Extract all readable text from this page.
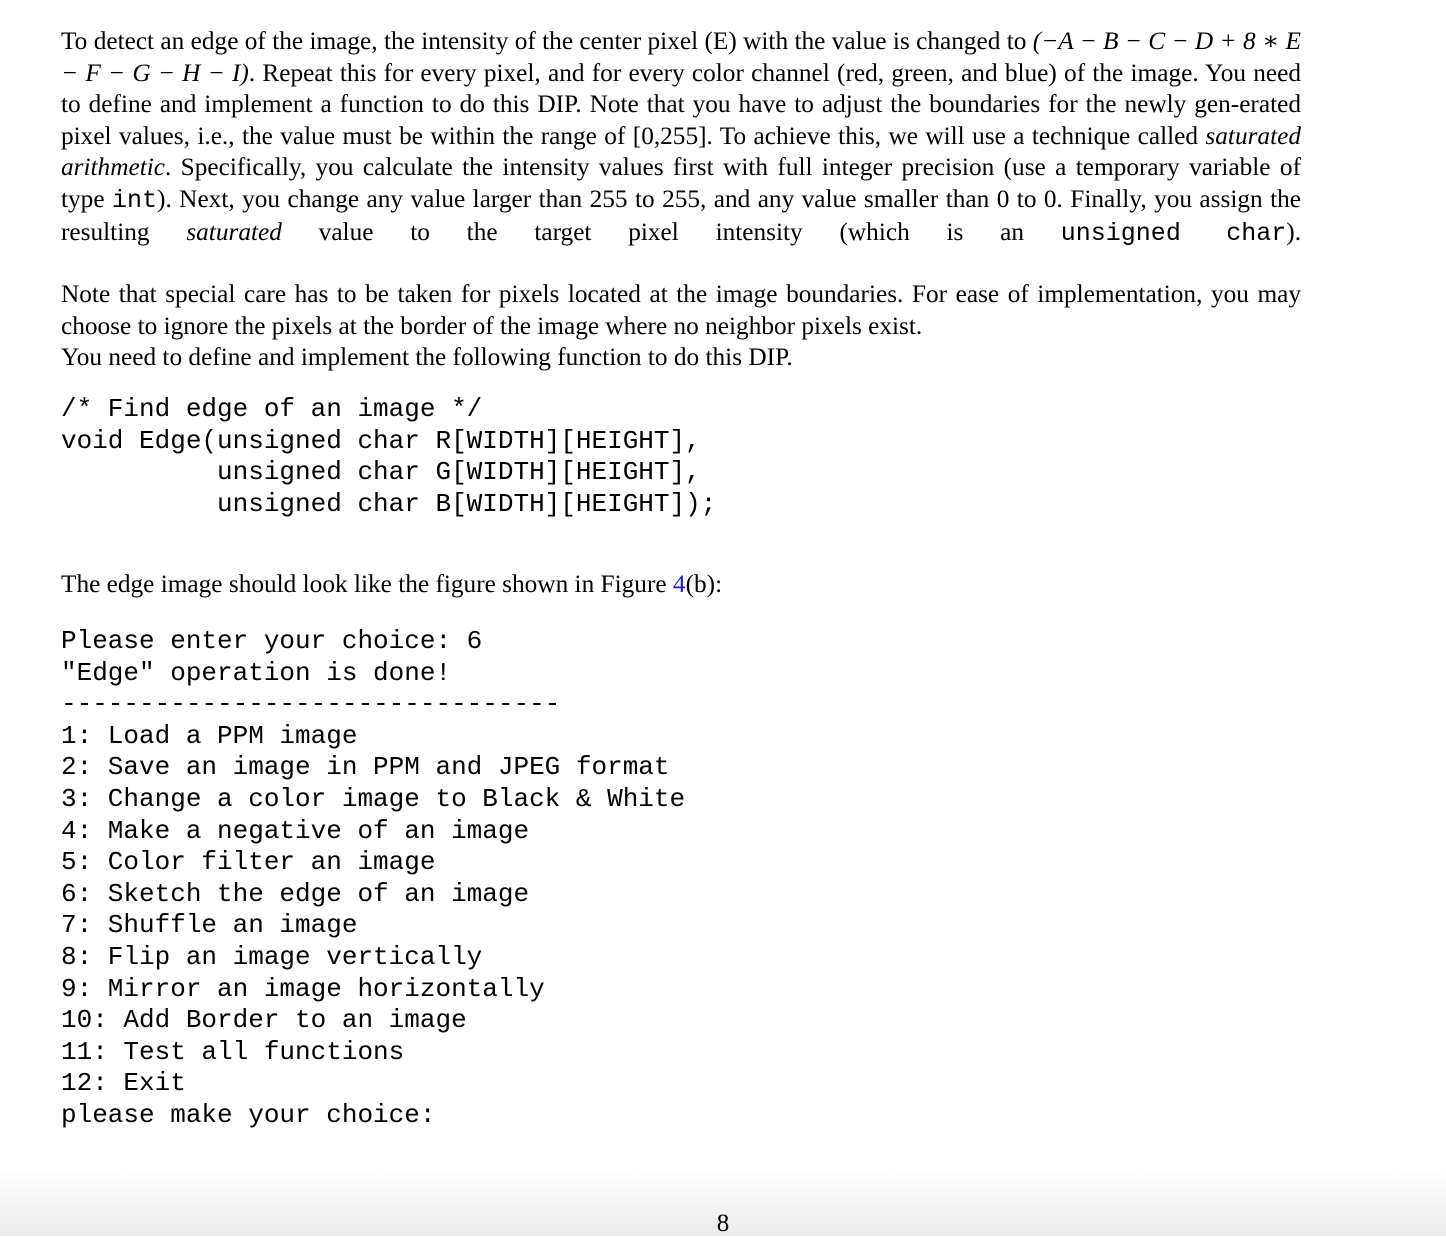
To detect an edge of the image, the intensity of the center pixel (E) with the value is changed to (−A − B − C − D + 8 ∗ E − F − G − H − I). Repeat this for every pixel, and for every color channel (red, green, and blue) of the image. You need to define and implement a function to do this DIP. Note that you have to adjust the boundaries for the newly gen-erated pixel values, i.e., the value must be within the range of [0,255]. To achieve this, we will use a technique called saturated arithmetic. Specifically, you calculate the intensity values first with full integer precision (use a temporary variable of type int). Next, you change any value larger than 255 to 255, and any value smaller than 0 to 0. Finally, you assign the resulting saturated value to the target pixel intensity (which is an unsigned char).

Note that special care has to be taken for pixels located at the image boundaries. For ease of implementation, you may choose to ignore the pixels at the border of the image where no neighbor pixels exist.

You need to define and implement the following function to do this DIP.

/* Find edge of an image */
void Edge(unsigned char R[WIDTH][HEIGHT],
unsigned char G[WIDTH][HEIGHT],
unsigned char B[WIDTH][HEIGHT]);

The edge image should look like the figure shown in Figure 4(b):

Please enter your choice: 6
"Edge" operation is done!
--------------------------------
1: Load a PPM image
2: Save an image in PPM and JPEG format
3: Change a color image to Black & White
4: Make a negative of an image
5: Color filter an image
6: Sketch the edge of an image
7: Shuffle an image
8: Flip an image vertically
9: Mirror an image horizontally
10: Add Border to an image
11: Test all functions
12: Exit
please make your choice:
8
